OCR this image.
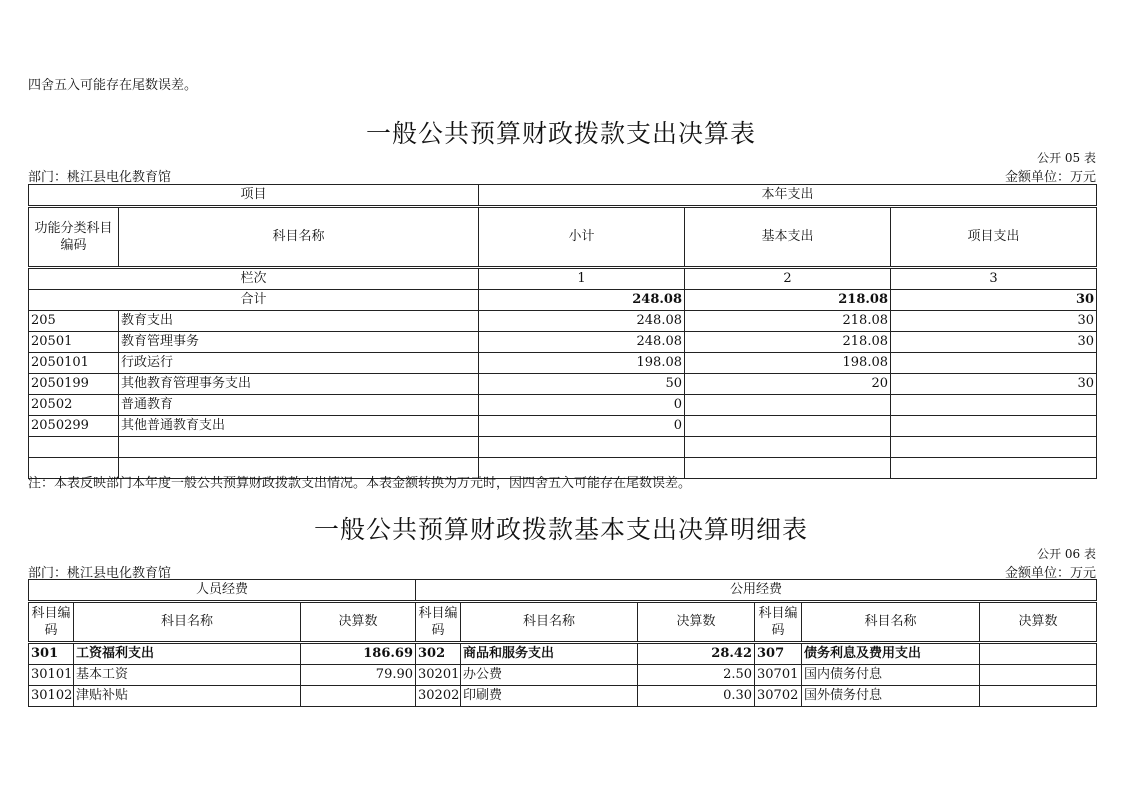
四舍五入可能存在尾数误差。
一般公共预算财政拨款支出决算表
公开 05 表
部门：桃江县电化教育馆	金额单位：万元
项目		本年支出		
功能分类科目编码	科目名称	小计	基本支出	项目支出
栏次		1	2	3
合计		248.08	218.08	30
205	教育支出	248.08	218.08	30
20501	教育管理事务	248.08	218.08	30
2050101	行政运行	198.08	198.08	
2050199	其他教育管理事务支出	50	20	30
20502	普通教育	0		
2050299	其他普通教育支出	0		

注：本表反映部门本年度一般公共预算财政拨款支出情况。本表金额转换为万元时，因四舍五入可能存在尾数误差。
一般公共预算财政拨款基本支出决算明细表
公开 06 表
部门：桃江县电化教育馆	金额单位：万元
人员经费			公用经费					
科目编码	科目名称	决算数	科目编码	科目名称	决算数	科目编码	科目名称	决算数
301	工资福利支出	186.69	302	商品和服务支出	28.42	307	债务利息及费用支出	
30101	基本工资	79.90	30201	办公费	2.50	30701	国内债务付息	
30102	津贴补贴		30202	印刷费	0.30	30702	国外债务付息	
